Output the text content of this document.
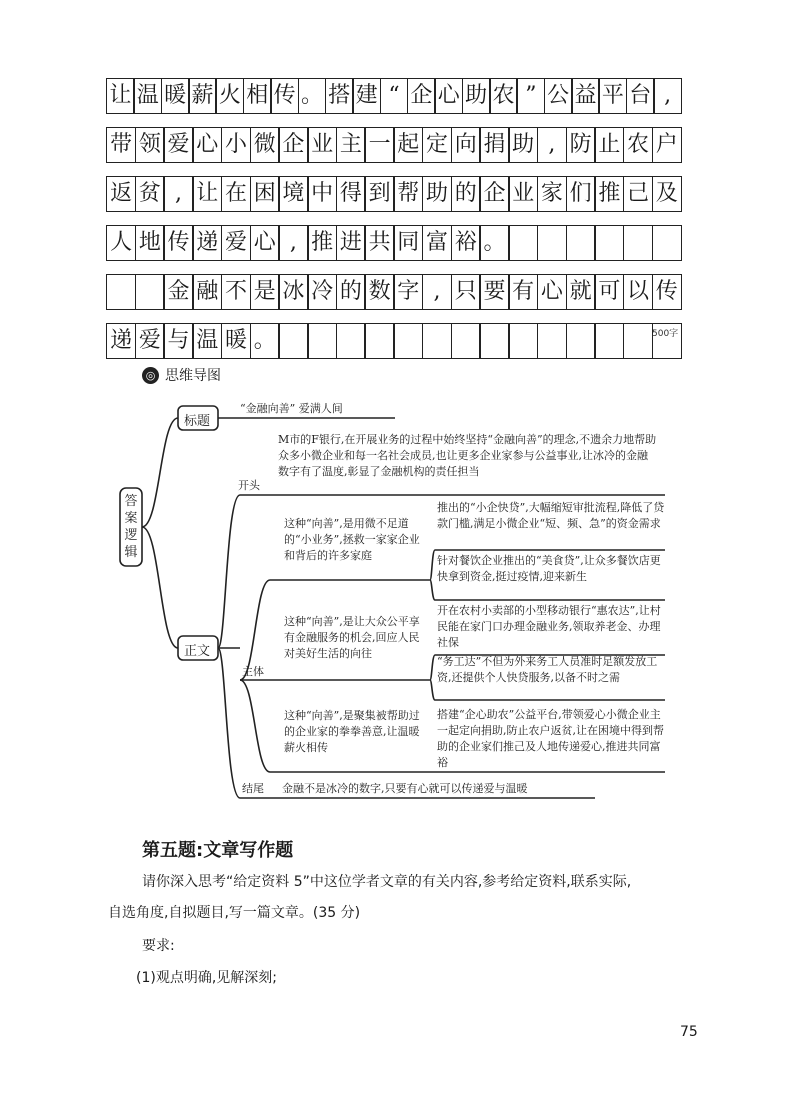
让 温 暖 薪 火 相 传 。 搭 建 “ 企 心 助 农 ” 公 益 平 台 ,
带 领 爱 心 小 微 企 业 主 一 起 定 向 捐 助 , 防 止 农 户
返 贫 , 让 在 困 境 中 得 到 帮 助 的 企 业 家 们 推 己 及
人 地 传 递 爱 心 , 推 进 共 同 富 裕 。
金 融 不 是 冰 冷 的 数 字 , 只 要 有 心 就 可 以 传
递 爱 与 温 暖 。	500字
◎ 思维导图
答案逻辑
标题
正文
“金融向善” 爱满人间
开头
M市的F银行,在开展业务的过程中始终坚持“金融向善”的理念,不遗余力地帮助众多小微企业和每一名社会成员,也让更多企业家参与公益事业,让冰冷的金融数字有了温度,彰显了金融机构的责任担当
主体
这种“向善”,是用微不足道的“小业务”,拯救一家家企业和背后的许多家庭
推出的“小企快贷”,大幅缩短审批流程,降低了贷款门槛,满足小微企业“短、频、急”的资金需求
针对餐饮企业推出的“美食贷”,让众多餐饮店更快拿到资金,挺过疫情,迎来新生
这种“向善”,是让大众公平享有金融服务的机会,回应人民对美好生活的向往
开在农村小卖部的小型移动银行“惠农达”,让村民能在家门口办理金融业务,领取养老金、办理社保
“务工达”不但为外来务工人员准时足额发放工资,还提供个人快贷服务,以备不时之需
这种“向善”,是聚集被帮助过的企业家的拳拳善意,让温暖薪火相传
搭建“企心助农”公益平台,带领爱心小微企业主一起定向捐助,防止农户返贫,让在困境中得到帮助的企业家们推己及人地传递爱心,推进共同富裕
结尾 金融不是冰冷的数字,只要有心就可以传递爱与温暖
第五题:文章写作题
请你深入思考“给定资料 5”中这位学者文章的有关内容,参考给定资料,联系实际,
自选角度,自拟题目,写一篇文章。(35 分)
要求:
(1)观点明确,见解深刻;
75
